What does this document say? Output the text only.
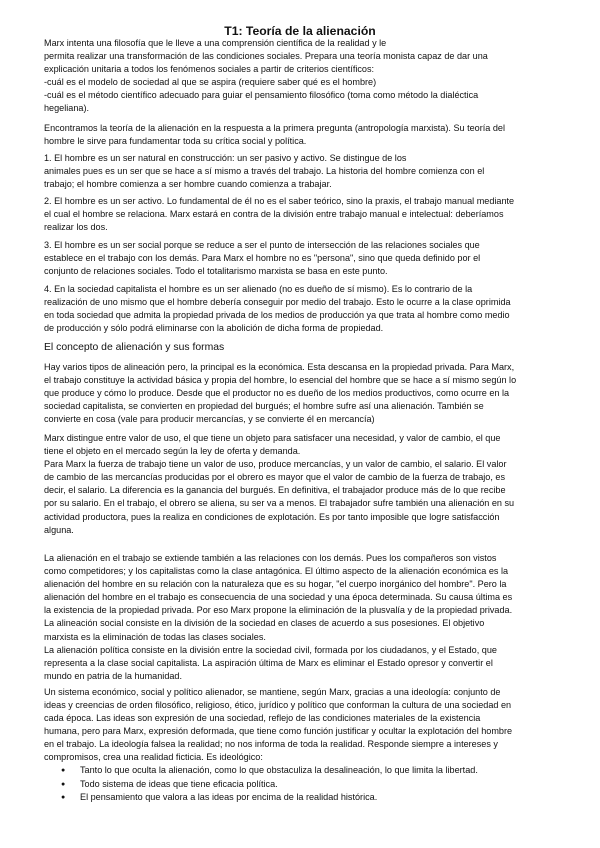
T1: Teoría de la alienación
Marx intenta una filosofía que le lleve a una comprensión científica de la realidad y le
permita realizar una transformación de las condiciones sociales. Prepara una teoría monista capaz de dar una
explicación unitaria a todos los fenómenos sociales a partir de criterios científicos:
-cuál es el modelo de sociedad al que se aspira (requiere saber qué es el hombre)
-cuál es el método científico adecuado para guiar el pensamiento filosófico (toma como método la dialéctica
hegeliana).
Encontramos la teoría de la alienación en la respuesta a la primera pregunta (antropología marxista). Su teoría del
hombre le sirve para fundamentar toda su crítica social y política.
1. El hombre es un ser natural en construcción: un ser pasivo y activo. Se distingue de los
animales pues es un ser que se hace a sí mismo a través del trabajo. La historia del hombre comienza con el
trabajo; el hombre comienza a ser hombre cuando comienza a trabajar.
2. El hombre es un ser activo. Lo fundamental de él no es el saber teórico, sino la praxis, el trabajo manual mediante
el cual el hombre se relaciona. Marx estará en contra de la división entre trabajo manual e intelectual: deberíamos
realizar los dos.
3. El hombre es un ser social porque se reduce a ser el punto de intersección de las relaciones sociales que
establece en el trabajo con los demás. Para Marx el hombre no es "persona", sino que queda definido por el
conjunto de relaciones sociales. Todo el totalitarismo marxista se basa en este punto.
4. En la sociedad capitalista el hombre es un ser alienado (no es dueño de sí mismo). Es lo contrario de la
realización de uno mismo que el hombre debería conseguir por medio del trabajo. Esto le ocurre a la clase oprimida
en toda sociedad que admita la propiedad privada de los medios de producción ya que trata al hombre como medio
de producción y sólo podrá eliminarse con la abolición de dicha forma de propiedad.
El concepto de alienación y sus formas
Hay varios tipos de alineación pero, la principal es la económica. Esta descansa en la propiedad privada. Para Marx,
el trabajo constituye la actividad básica y propia del hombre, lo esencial del hombre que se hace a sí mismo según lo
que produce y cómo lo produce. Desde que el productor no es dueño de los medios productivos, como ocurre en la
sociedad capitalista, se convierten en propiedad del burgués; el hombre sufre así una alienación. También se
convierte en cosa (vale para producir mercancías, y se convierte él en mercancía)
Marx distingue entre valor de uso, el que tiene un objeto para satisfacer una necesidad, y valor de cambio, el que
tiene el objeto en el mercado según la ley de oferta y demanda.
Para Marx la fuerza de trabajo tiene un valor de uso, produce mercancías, y un valor de cambio, el salario. El valor
de cambio de las mercancías producidas por el obrero es mayor que el valor de cambio de la fuerza de trabajo, es
decir, el salario. La diferencia es la ganancia del burgués. En definitiva, el trabajador produce más de lo que recibe
por su salario. En el trabajo, el obrero se aliena, su ser va a menos. El trabajador sufre también una alienación en su
actividad productora, pues la realiza en condiciones de explotación. Es por tanto imposible que logre satisfacción
alguna.
La alienación en el trabajo se extiende también a las relaciones con los demás. Pues los compañeros son vistos
como competidores; y los capitalistas como la clase antagónica. El último aspecto de la alienación económica es la
alienación del hombre en su relación con la naturaleza que es su hogar, "el cuerpo inorgánico del hombre". Pero la
alienación del hombre en el trabajo es consecuencia de una sociedad y una época determinada. Su causa última es
la existencia de la propiedad privada. Por eso Marx propone la eliminación de la plusvalía y de la propiedad privada.
La alineación social consiste en la división de la sociedad en clases de acuerdo a sus posesiones. El objetivo
marxista es la eliminación de todas las clases sociales.
La alienación política consiste en la división entre la sociedad civil, formada por los ciudadanos, y el Estado, que
representa a la clase social capitalista. La aspiración última de Marx es eliminar el Estado opresor y convertir el
mundo en patria de la humanidad.
Un sistema económico, social y político alienador, se mantiene, según Marx, gracias a una ideología: conjunto de
ideas y creencias de orden filosófico, religioso, ético, jurídico y político que conforman la cultura de una sociedad en
cada época. Las ideas son expresión de una sociedad, reflejo de las condiciones materiales de la existencia
humana, pero para Marx, expresión deformada, que tiene como función justificar y ocultar la explotación del hombre
en el trabajo. La ideología falsea la realidad; no nos informa de toda la realidad. Responde siempre a intereses y
compromisos, crea una realidad ficticia. Es ideológico:
● Tanto lo que oculta la alienación, como lo que obstaculiza la desalineación, lo que limita la libertad.
● Todo sistema de ideas que tiene eficacia política.
● El pensamiento que valora a las ideas por encima de la realidad histórica.
